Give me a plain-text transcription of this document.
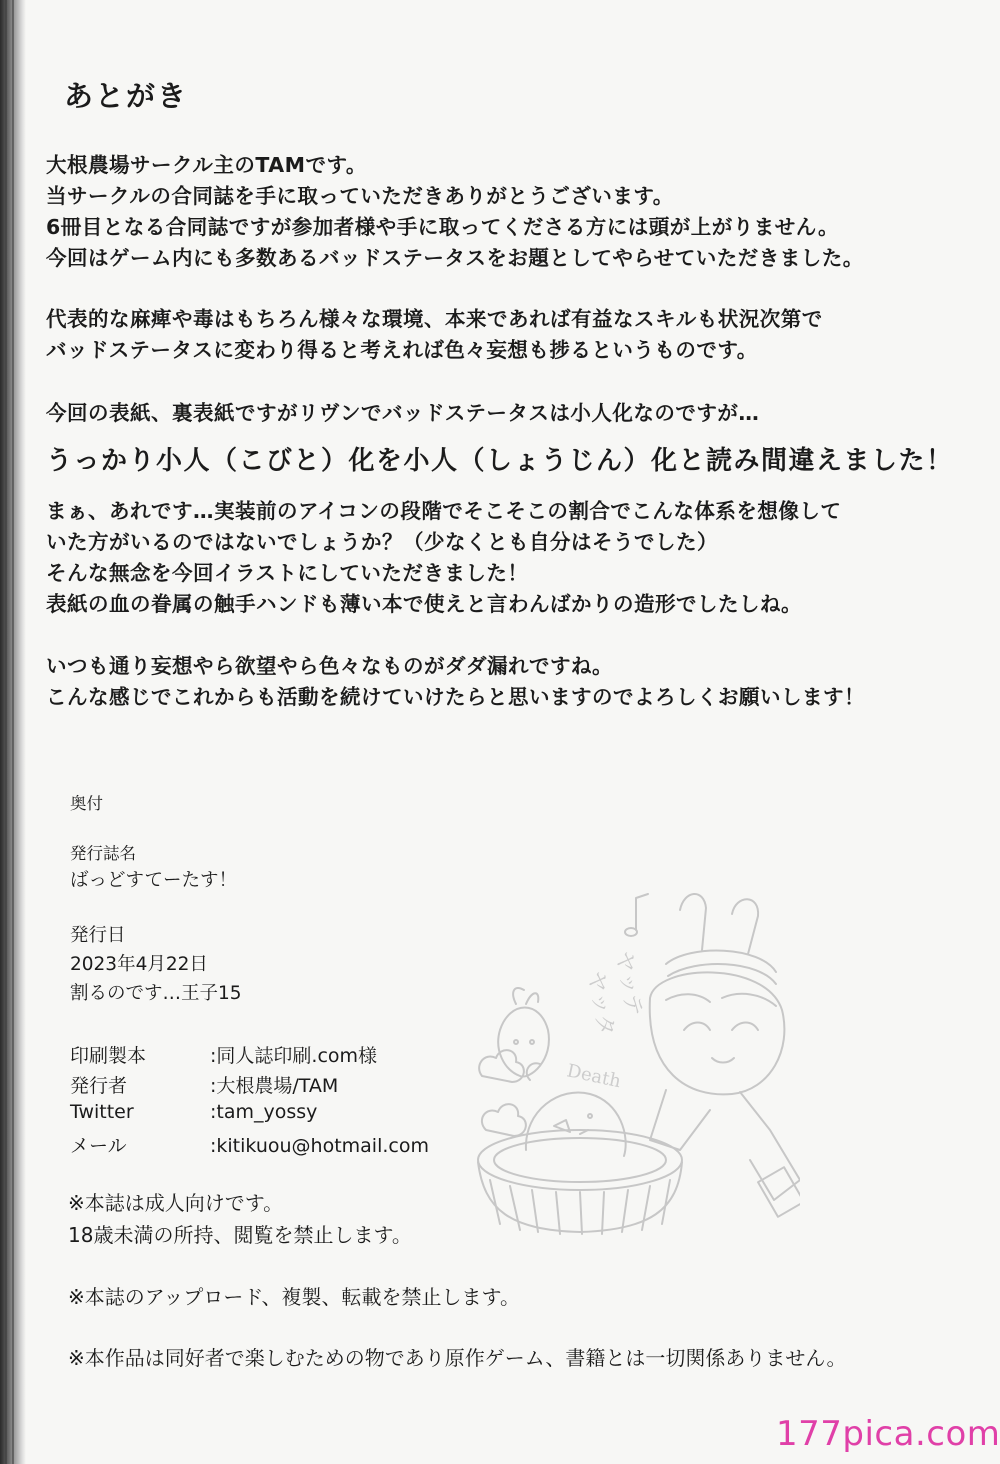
あとがき
大根農場サークル主のTAMです。
当サークルの合同誌を手に取っていただきありがとうございます。
6冊目となる合同誌ですが参加者様や手に取ってくださる方には頭が上がりません。
今回はゲーム内にも多数あるバッドステータスをお題としてやらせていただきました。
代表的な麻痺や毒はもちろん様々な環境、本来であれば有益なスキルも状況次第で
バッドステータスに変わり得ると考えれば色々妄想も捗るというものです。
今回の表紙、裏表紙ですがリヴンでバッドステータスは小人化なのですが…
うっかり小人（こびと）化を小人（しょうじん）化と読み間違えました！
まぁ、あれです…実装前のアイコンの段階でそこそこの割合でこんな体系を想像して
いた方がいるのではないでしょうか？（少なくとも自分はそうでした）
そんな無念を今回イラストにしていただきました！
表紙の血の眷属の触手ハンドも薄い本で使えと言わんばかりの造形でしたしね。
いつも通り妄想やら欲望やら色々なものがダダ漏れですね。
こんな感じでこれからも活動を続けていけたらと思いますのでよろしくお願いします！
奥付
発行誌名
ばっどすてーたす！
発行日
2023年4月22日
割るのです…王子15
印刷製本	:同人誌印刷.com様
発行者	:大根農場/TAM
Twitter	:tam_yossy
メール	:kitikuou@hotmail.com
※本誌は成人向けです。
18歳未満の所持、閲覧を禁止します。
※本誌のアップロード、複製、転載を禁止します。
※本作品は同好者で楽しむための物であり原作ゲーム、書籍とは一切関係ありません。
ヤッタ
ヤッテ
Death
177pica.com
